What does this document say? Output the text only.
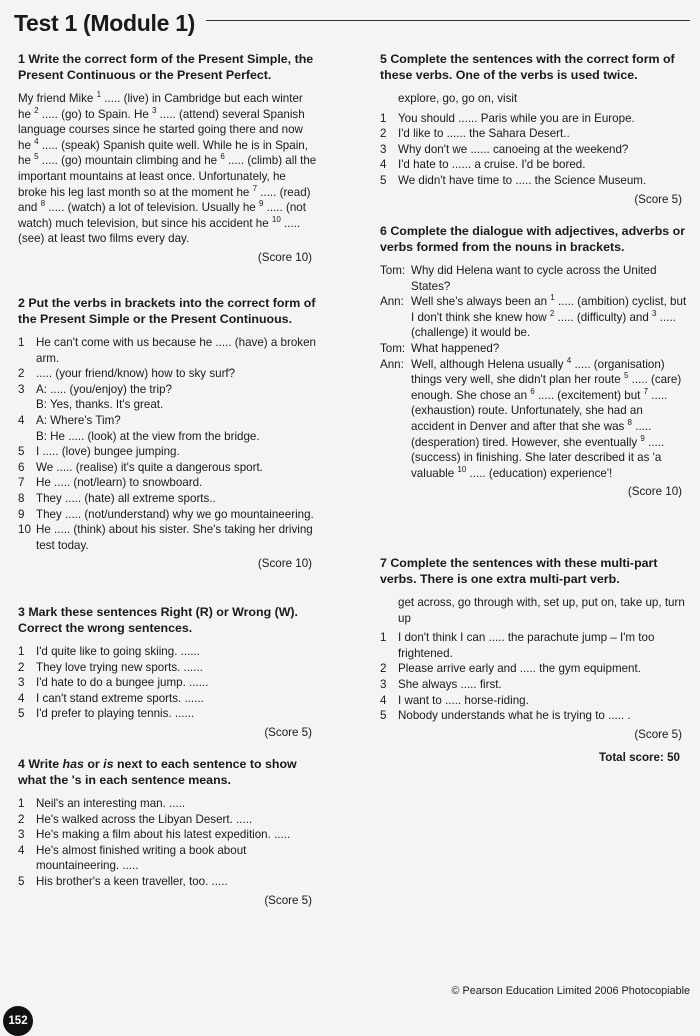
Test 1 (Module 1)

1 Write the correct form of the Present Simple, the Present Continuous or the Present Perfect.

My friend Mike $^1$ ..... (live) in Cambridge but each winter he $^2$ ..... (go) to Spain. He $^3$ ..... (attend) several Spanish language courses since he started going there and now he $^4$ ..... (speak) Spanish quite well. While he is in Spain, he $^5$ ..... (go) mountain climbing and he $^6$ ..... (climb) all the important mountains at least once. Unfortunately, he broke his leg last month so at the moment he $^7$ ..... (read) and $^8$ ..... (watch) a lot of television. Usually he $^9$ ..... (not watch) much television, but since his accident he $^{10}$ ..... (see) at least two films every day.

(Score 10)

2 Put the verbs in brackets into the correct form of the Present Simple or the Present Continuous.

1 He can't come with us because he ..... (have) a broken arm.
2 ..... (your friend/know) how to sky surf?
3 A: ..... (you/enjoy) the trip?
B: Yes, thanks. It's great.
4 A: Where's Tim?
B: He ..... (look) at the view from the bridge.
5 I ..... (love) bungee jumping.
6 We ..... (realise) it's quite a dangerous sport.
7 He ..... (not/learn) to snowboard.
8 They ..... (hate) all extreme sports..
9 They ..... (not/understand) why we go mountaineering.
10 He ..... (think) about his sister. She's taking her driving test today.
(Score 10)

3 Mark these sentences Right (R) or Wrong (W). Correct the wrong sentences.

1 I'd quite like to going skiing. ......
2 They love trying new sports. ......
3 I'd hate to do a bungee jump. ......
4 I can't stand extreme sports. ......
5 I'd prefer to playing tennis. ......
(Score 5)

4 Write has or is next to each sentence to show what the 's in each sentence means.

1 Neil's an interesting man. .....
2 He's walked across the Libyan Desert. .....
3 He's making a film about his latest expedition. .....
4 He's almost finished writing a book about mountaineering. .....
5 His brother's a keen traveller, too. .....
(Score 5)

5 Complete the sentences with the correct form of these verbs. One of the verbs is used twice.

explore, go, go on, visit
1 You should ...... Paris while you are in Europe.
2 I'd like to ...... the Sahara Desert..
3 Why don't we ...... canoeing at the weekend?
4 I'd hate to ...... a cruise. I'd be bored.
5 We didn't have time to ..... the Science Museum.
(Score 5)

6 Complete the dialogue with adjectives, adverbs or verbs formed from the nouns in brackets.

Tom: Why did Helena want to cycle across the United States?
Ann: Well she's always been an $^1$ ..... (ambition) cyclist, but I don't think she knew how $^2$ ..... (difficulty) and $^3$ ..... (challenge) it would be.
Tom: What happened?
Ann: Well, although Helena usually $^4$ ..... (organisation) things very well, she didn't plan her route $^5$ ..... (care) enough. She chose an $^6$ ..... (excitement) but $^7$ ..... (exhaustion) route. Unfortunately, she had an accident in Denver and after that she was $^8$ ..... (desperation) tired. However, she eventually $^9$ ..... (success) in finishing. She later described it as 'a valuable $^{10}$ ..... (education) experience'!
(Score 10)

7 Complete the sentences with these multi-part verbs. There is one extra multi-part verb.

get across, go through with, set up, put on, take up, turn up
1 I don't think I can ..... the parachute jump – I'm too frightened.
2 Please arrive early and ..... the gym equipment.
3 She always ..... first.
4 I want to ..... horse-riding.
5 Nobody understands what he is trying to ..... .
(Score 5)
Total score: 50
© Pearson Education Limited 2006 Photocopiable
152
